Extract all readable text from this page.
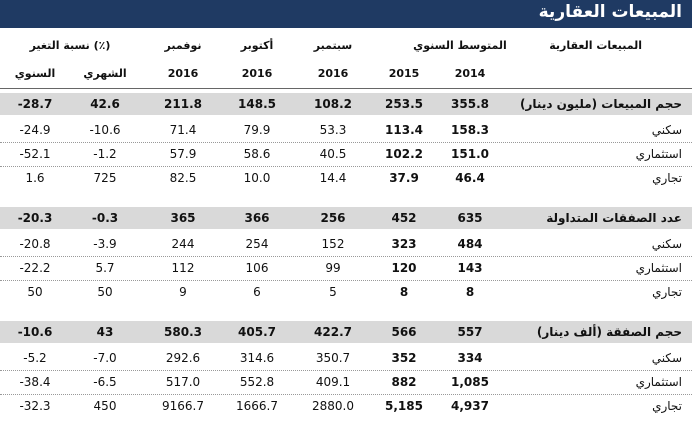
المبيعات العقارية
المبيعات العقارية
المتوسط السنوي
نسبة التغير (٪)	سبتمبر
أكتوبر
نوفمبر
2014
2015
2016
2016
2016
الشهري
السنوي
حجم المبيعات (مليون دينار)
355.8
253.5
108.2
148.5
211.8
42.6
-28.7
سكني
158.3
113.4
53.3
79.9
71.4
-10.6
-24.9
استثماري
151.0
102.2
40.5
58.6
57.9
-1.2
-52.1
تجاري
46.4
37.9
14.4
10.0
82.5
725
1.6
عدد الصفقات المتداولة
635
452
256
366
365
-0.3
-20.3
سكني
484
323
152
254
244
-3.9
-20.8
استثماري
143
120
99
106
112
5.7
-22.2
تجاري
8
8
5
6
9
50
50
حجم الصفقة (ألف دينار)
557
566
422.7
405.7
580.3
43
-10.6
سكني
334
352
350.7
314.6
292.6
-7.0
-5.2
استثماري
1,085
882
409.1
552.8
517.0
-6.5
-38.4
تجاري
4,937
5,185
2880.0
1666.7
9166.7
450
-32.3
